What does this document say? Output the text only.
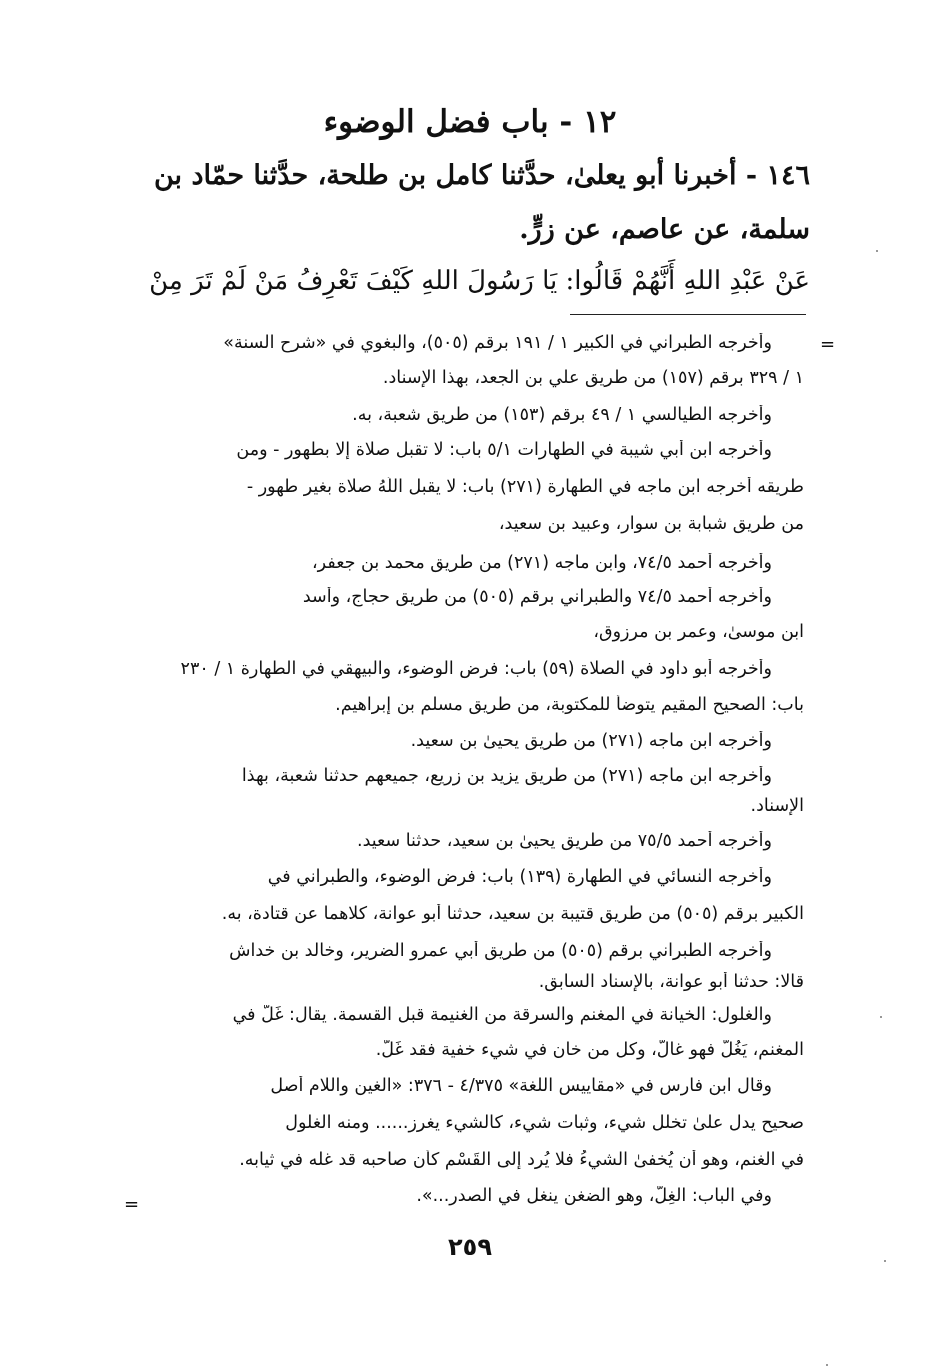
١٢ - باب فضل الوضوء
١٤٦ - أخبرنا أبو يعلىٰ، حدَّثنا كامل بن طلحة، حدَّثنا حمّاد بن
سلمة، عن عاصم، عن زرٍّ.
عَنْ عَبْدِ اللهِ أَنَّهُمْ قَالُوا: يَا رَسُولَ اللهِ كَيْفَ تَعْرِفُ مَنْ لَمْ تَرَ مِنْ
=
وأخرجه الطبراني في الكبير ١ / ١٩١ برقم (٥٠٥)، والبغوي في «شرح السنة»
١ / ٣٢٩ برقم (١٥٧) من طريق علي بن الجعد، بهذا الإسناد.
وأخرجه الطيالسي ١ / ٤٩ برقم (١٥٣) من طريق شعبة، به.
وأخرجه ابن أبي شيبة في الطهارات ٥/١ باب: لا تقبل صلاة إلا بطهور - ومن
طريقه أخرجه ابن ماجه في الطهارة (٢٧١) باب: لا يقبل اللَّهُ صلاة بغير طهور -
من طريق شبابة بن سوار، وعبيد بن سعيد،
وأخرجه أحمد ٧٤/٥، وابن ماجه (٢٧١) من طريق محمد بن جعفر،
وأخرجه أحمد ٧٤/٥ والطبراني برقم (٥٠٥) من طريق حجاج، وأسد
ابن موسىٰ، وعمر بن مرزوق،
وأخرجه أبو داود في الصلاة (٥٩) باب: فرض الوضوء، والبيهقي في الطهارة ١ / ٢٣٠
باب: الصحيح المقيم يتوضأ للمكتوبة، من طريق مسلم بن إبراهيم.
وأخرجه ابن ماجه (٢٧١) من طريق يحيىٰ بن سعيد.
وأخرجه ابن ماجه (٢٧١) من طريق يزيد بن زريع، جميعهم حدثنا شعبة، بهذا
الإسناد.
وأخرجه أحمد ٧٥/٥ من طريق يحيىٰ بن سعيد، حدثنا سعيد.
وأخرجه النسائي في الطهارة (١٣٩) باب: فرض الوضوء، والطبراني في
الكبير برقم (٥٠٥) من طريق قتيبة بن سعيد، حدثنا أبو عوانة، كلاهما عن قتادة، به.
وأخرجه الطبراني برقم (٥٠٥) من طريق أبي عمرو الضرير، وخالد بن خداش
قالا: حدثنا أبو عوانة، بالإسناد السابق.
والغلول: الخيانة في المغنم والسرقة من الغنيمة قبل القسمة. يقال: غَلَّ في
المغنم، يَغُلُّ فهو غالٌّ، وكل من خان في شيء خفية فقد غَلَّ.
وقال ابن فارس في «مقاييس اللغة» ٤/٣٧٥ - ٣٧٦: «الغين واللام أصل
صحيح يدل علىٰ تخلل شيء، وثبات شيء، كالشيء يغرز...... ومنه الغلول
في الغنم، وهو أن يُخفىٰ الشيءُ فلا يُرد إلى القَسْم كأن صاحبه قد غله في ثيابه.
وفي الباب: الغِلّ، وهو الضغن ينغل في الصدر...».
=
٢٥٩
